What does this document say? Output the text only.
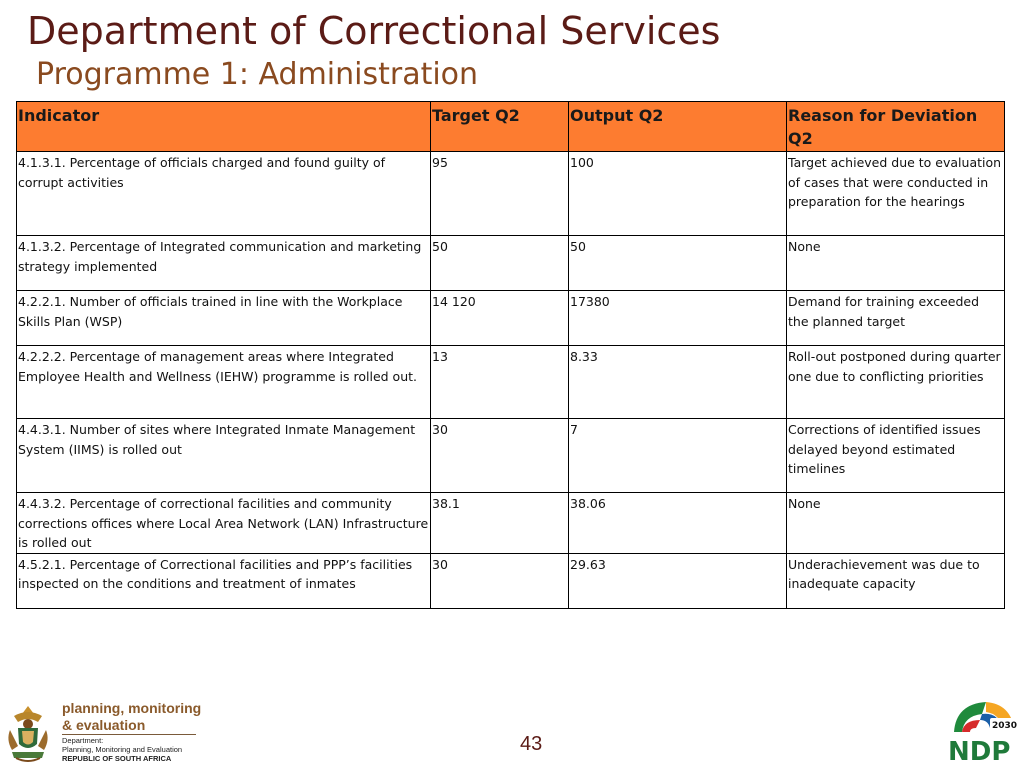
Department of Correctional Services
Programme 1: Administration
Indicator	Target Q2	Output Q2	Reason for Deviation Q2
4.1.3.1. Percentage of officials charged and found guilty of corrupt activities	95	100	Target achieved due to evaluation of cases that were conducted in preparation for the hearings
4.1.3.2. Percentage of Integrated communication and marketing strategy implemented	50	50	None
4.2.2.1. Number of officials trained in line with the Workplace Skills Plan (WSP)	14 120	17380	Demand for training exceeded the planned target
4.2.2.2. Percentage of management areas where Integrated Employee Health and Wellness (IEHW) programme is rolled out.	13	8.33	Roll-out postponed during quarter one due to conflicting priorities
4.4.3.1. Number of sites where Integrated Inmate Management System (IIMS) is rolled out	30	7	Corrections of identified issues delayed beyond estimated timelines
4.4.3.2. Percentage of correctional facilities and community corrections offices where Local Area Network (LAN) Infrastructure is rolled out	38.1	38.06	None
4.5.2.1. Percentage of Correctional facilities and PPP’s facilities inspected on the conditions and treatment of inmates	30	29.63	Underachievement was due to inadequate capacity
planning, monitoring
& evaluation
Department:
Planning, Monitoring and Evaluation
REPUBLIC OF SOUTH AFRICA
43
2030
NDP
